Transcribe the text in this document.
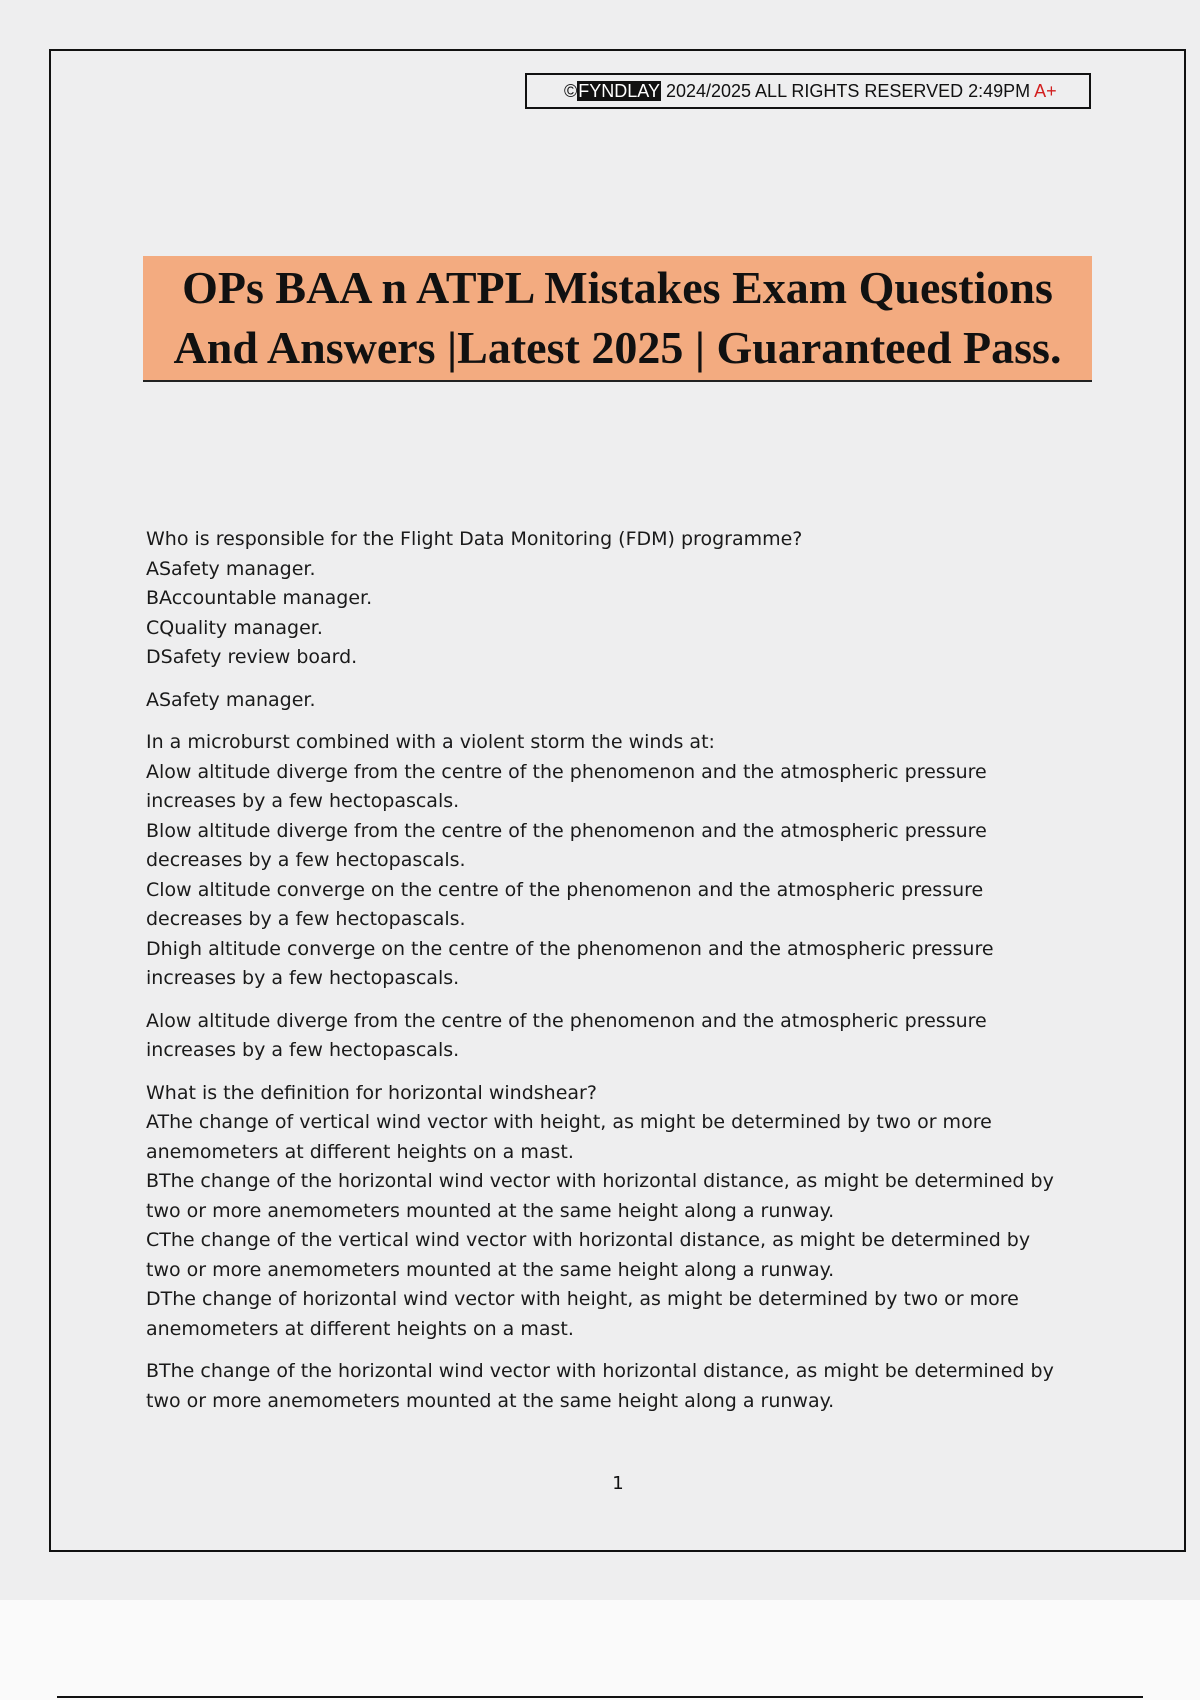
©FYNDLAY 2024/2025 ALL RIGHTS RESERVED 2:49PM A+
OPs BAA n ATPL Mistakes Exam Questions
And Answers |Latest 2025 | Guaranteed Pass.
Who is responsible for the Flight Data Monitoring (FDM) programme?
ASafety manager.
BAccountable manager.
CQuality manager.
DSafety review board.
ASafety manager.
In a microburst combined with a violent storm the winds at:
Alow altitude diverge from the centre of the phenomenon and the atmospheric pressure
increases by a few hectopascals.
Blow altitude diverge from the centre of the phenomenon and the atmospheric pressure
decreases by a few hectopascals.
Clow altitude converge on the centre of the phenomenon and the atmospheric pressure
decreases by a few hectopascals.
Dhigh altitude converge on the centre of the phenomenon and the atmospheric pressure
increases by a few hectopascals.
Alow altitude diverge from the centre of the phenomenon and the atmospheric pressure
increases by a few hectopascals.
What is the definition for horizontal windshear?
AThe change of vertical wind vector with height, as might be determined by two or more
anemometers at different heights on a mast.
BThe change of the horizontal wind vector with horizontal distance, as might be determined by
two or more anemometers mounted at the same height along a runway.
CThe change of the vertical wind vector with horizontal distance, as might be determined by
two or more anemometers mounted at the same height along a runway.
DThe change of horizontal wind vector with height, as might be determined by two or more
anemometers at different heights on a mast.
BThe change of the horizontal wind vector with horizontal distance, as might be determined by
two or more anemometers mounted at the same height along a runway.
1
